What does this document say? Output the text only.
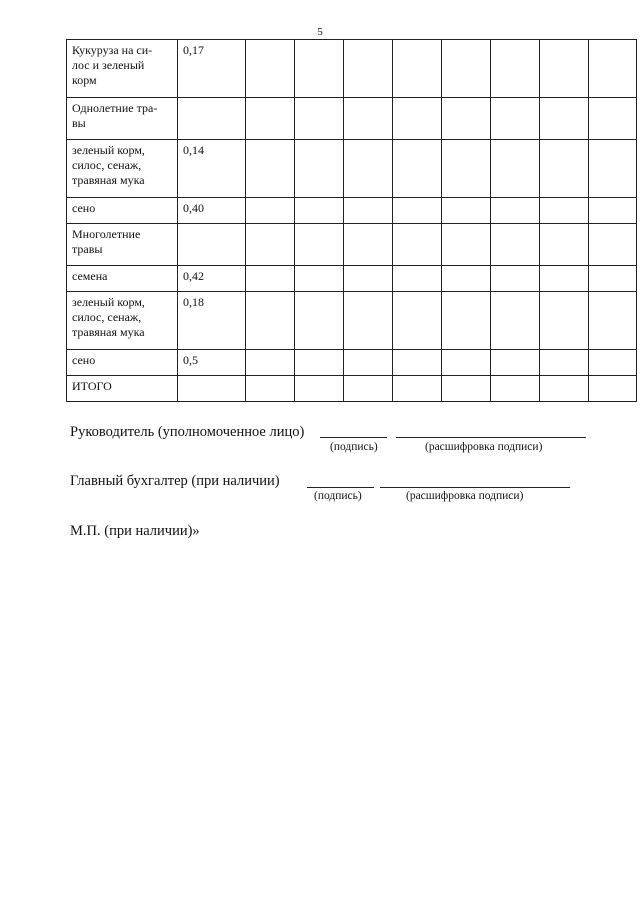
5
Кукуруза на си-
лос и зеленый
корм	0,17								
Однолетние тра-
вы									
зеленый корм,
силос, сенаж,
травяная мука	0,14								
сено	0,40								
Многолетние
травы									
семена	0,42								
зеленый корм,
силос, сенаж,
травяная мука	0,18								
сено	0,5								
ИТОГО									
Руководитель (уполномоченное лицо)
(подпись)	(расшифровка подписи)
Главный бухгалтер (при наличии)
(подпись)	(расшифровка подписи)
М.П. (при наличии)»
